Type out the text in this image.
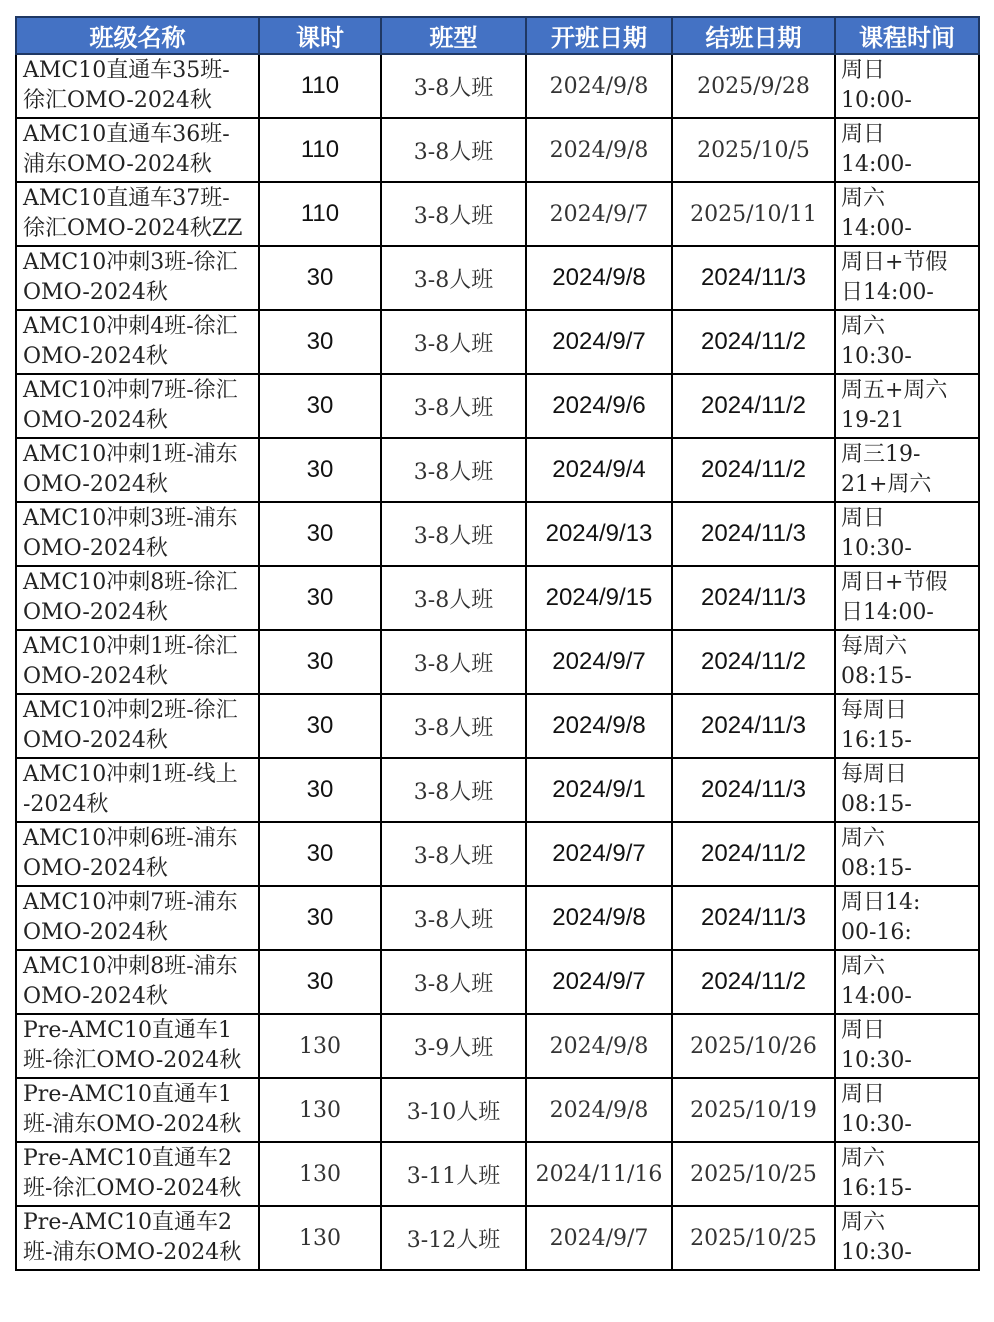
班级名称	课时	班型	开班日期	结班日期	课程时间

AMC10直通车35班-
徐汇OMO-2024秋	110	3-8人班	2024/9/8	2025/9/28	周日
10:00-

AMC10直通车36班-
浦东OMO-2024秋	110	3-8人班	2024/9/8	2025/10/5	周日
14:00-

AMC10直通车37班-
徐汇OMO-2024秋ZZ	110	3-8人班	2024/9/7	2025/10/11	周六
14:00-

AMC10冲刺3班-徐汇
OMO-2024秋	30	3-8人班	2024/9/8	2024/11/3	周日+节假
日14:00-

AMC10冲刺4班-徐汇
OMO-2024秋	30	3-8人班	2024/9/7	2024/11/2	周六
10:30-

AMC10冲刺7班-徐汇
OMO-2024秋	30	3-8人班	2024/9/6	2024/11/2	周五+周六
19-21

AMC10冲刺1班-浦东
OMO-2024秋	30	3-8人班	2024/9/4	2024/11/2	周三19-
21+周六

AMC10冲刺3班-浦东
OMO-2024秋	30	3-8人班	2024/9/13	2024/11/3	周日
10:30-

AMC10冲刺8班-徐汇
OMO-2024秋	30	3-8人班	2024/9/15	2024/11/3	周日+节假
日14:00-

AMC10冲刺1班-徐汇
OMO-2024秋	30	3-8人班	2024/9/7	2024/11/2	每周六
08:15-

AMC10冲刺2班-徐汇
OMO-2024秋	30	3-8人班	2024/9/8	2024/11/3	每周日
16:15-

AMC10冲刺1班-线上
-2024秋	30	3-8人班	2024/9/1	2024/11/3	每周日
08:15-

AMC10冲刺6班-浦东
OMO-2024秋	30	3-8人班	2024/9/7	2024/11/2	周六
08:15-

AMC10冲刺7班-浦东
OMO-2024秋	30	3-8人班	2024/9/8	2024/11/3	周日14:
00-16:

AMC10冲刺8班-浦东
OMO-2024秋	30	3-8人班	2024/9/7	2024/11/2	周六
14:00-

Pre-AMC10直通车1
班-徐汇OMO-2024秋	130	3-9人班	2024/9/8	2025/10/26	周日
10:30-

Pre-AMC10直通车1
班-浦东OMO-2024秋	130	3-10人班	2024/9/8	2025/10/19	周日
10:30-

Pre-AMC10直通车2
班-徐汇OMO-2024秋	130	3-11人班	2024/11/16	2025/10/25	周六
16:15-

Pre-AMC10直通车2
班-浦东OMO-2024秋	130	3-12人班	2024/9/7	2025/10/25	周六
10:30-
